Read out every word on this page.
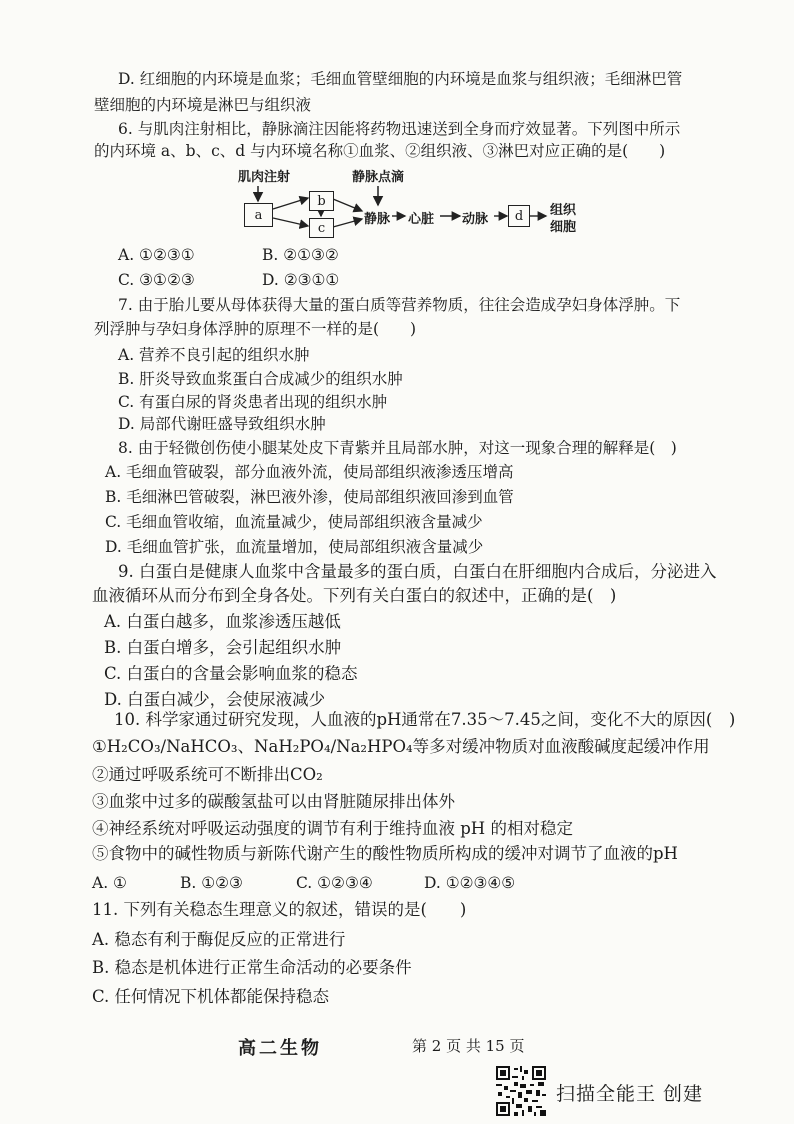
D. 红细胞的内环境是血浆；毛细血管壁细胞的内环境是血浆与组织液；毛细淋巴管
壁细胞的内环境是淋巴与组织液
6. 与肌肉注射相比，静脉滴注因能将药物迅速送到全身而疗效显著。下列图中所示
的内环境 a、b、c、d 与内环境名称①血浆、②组织液、③淋巴对应正确的是(　　)
肌肉注射	静脉点滴
a
b
c
静脉 心脏 动脉	d	组织
细胞
A. ①②③①	B. ②①③②
C. ③①②③	D. ②③①①
7. 由于胎儿要从母体获得大量的蛋白质等营养物质，往往会造成孕妇身体浮肿。下
列浮肿与孕妇身体浮肿的原理不一样的是(　　)
A. 营养不良引起的组织水肿
B. 肝炎导致血浆蛋白合成减少的组织水肿
C. 有蛋白尿的肾炎患者出现的组织水肿
D. 局部代谢旺盛导致组织水肿
8. 由于轻微创伤使小腿某处皮下青紫并且局部水肿，对这一现象合理的解释是(　)
A. 毛细血管破裂，部分血液外流，使局部组织液渗透压增高
B. 毛细淋巴管破裂，淋巴液外渗，使局部组织液回渗到血管
C. 毛细血管收缩，血流量减少，使局部组织液含量减少
D. 毛细血管扩张，血流量增加，使局部组织液含量减少
9. 白蛋白是健康人血浆中含量最多的蛋白质，白蛋白在肝细胞内合成后，分泌进入
血液循环从而分布到全身各处。下列有关白蛋白的叙述中，正确的是(　)
A. 白蛋白越多，血浆渗透压越低
B. 白蛋白增多，会引起组织水肿
C. 白蛋白的含量会影响血浆的稳态
D. 白蛋白减少，会使尿液减少
10. 科学家通过研究发现，人血液的pH通常在7.35～7.45之间，变化不大的原因(　)
①H₂CO₃/NaHCO₃、NaH₂PO₄/Na₂HPO₄等多对缓冲物质对血液酸碱度起缓冲作用
②通过呼吸系统可不断排出CO₂
③血浆中过多的碳酸氢盐可以由肾脏随尿排出体外
④神经系统对呼吸运动强度的调节有利于维持血液 pH 的相对稳定
⑤食物中的碱性物质与新陈代谢产生的酸性物质所构成的缓冲对调节了血液的pH
A. ①	B. ①②③	C. ①②③④	D. ①②③④⑤
11. 下列有关稳态生理意义的叙述，错误的是(　　)
A. 稳态有利于酶促反应的正常进行
B. 稳态是机体进行正常生命活动的必要条件
C. 任何情况下机体都能保持稳态
高二生物	第 2 页 共 15 页
扫描全能王 创建
